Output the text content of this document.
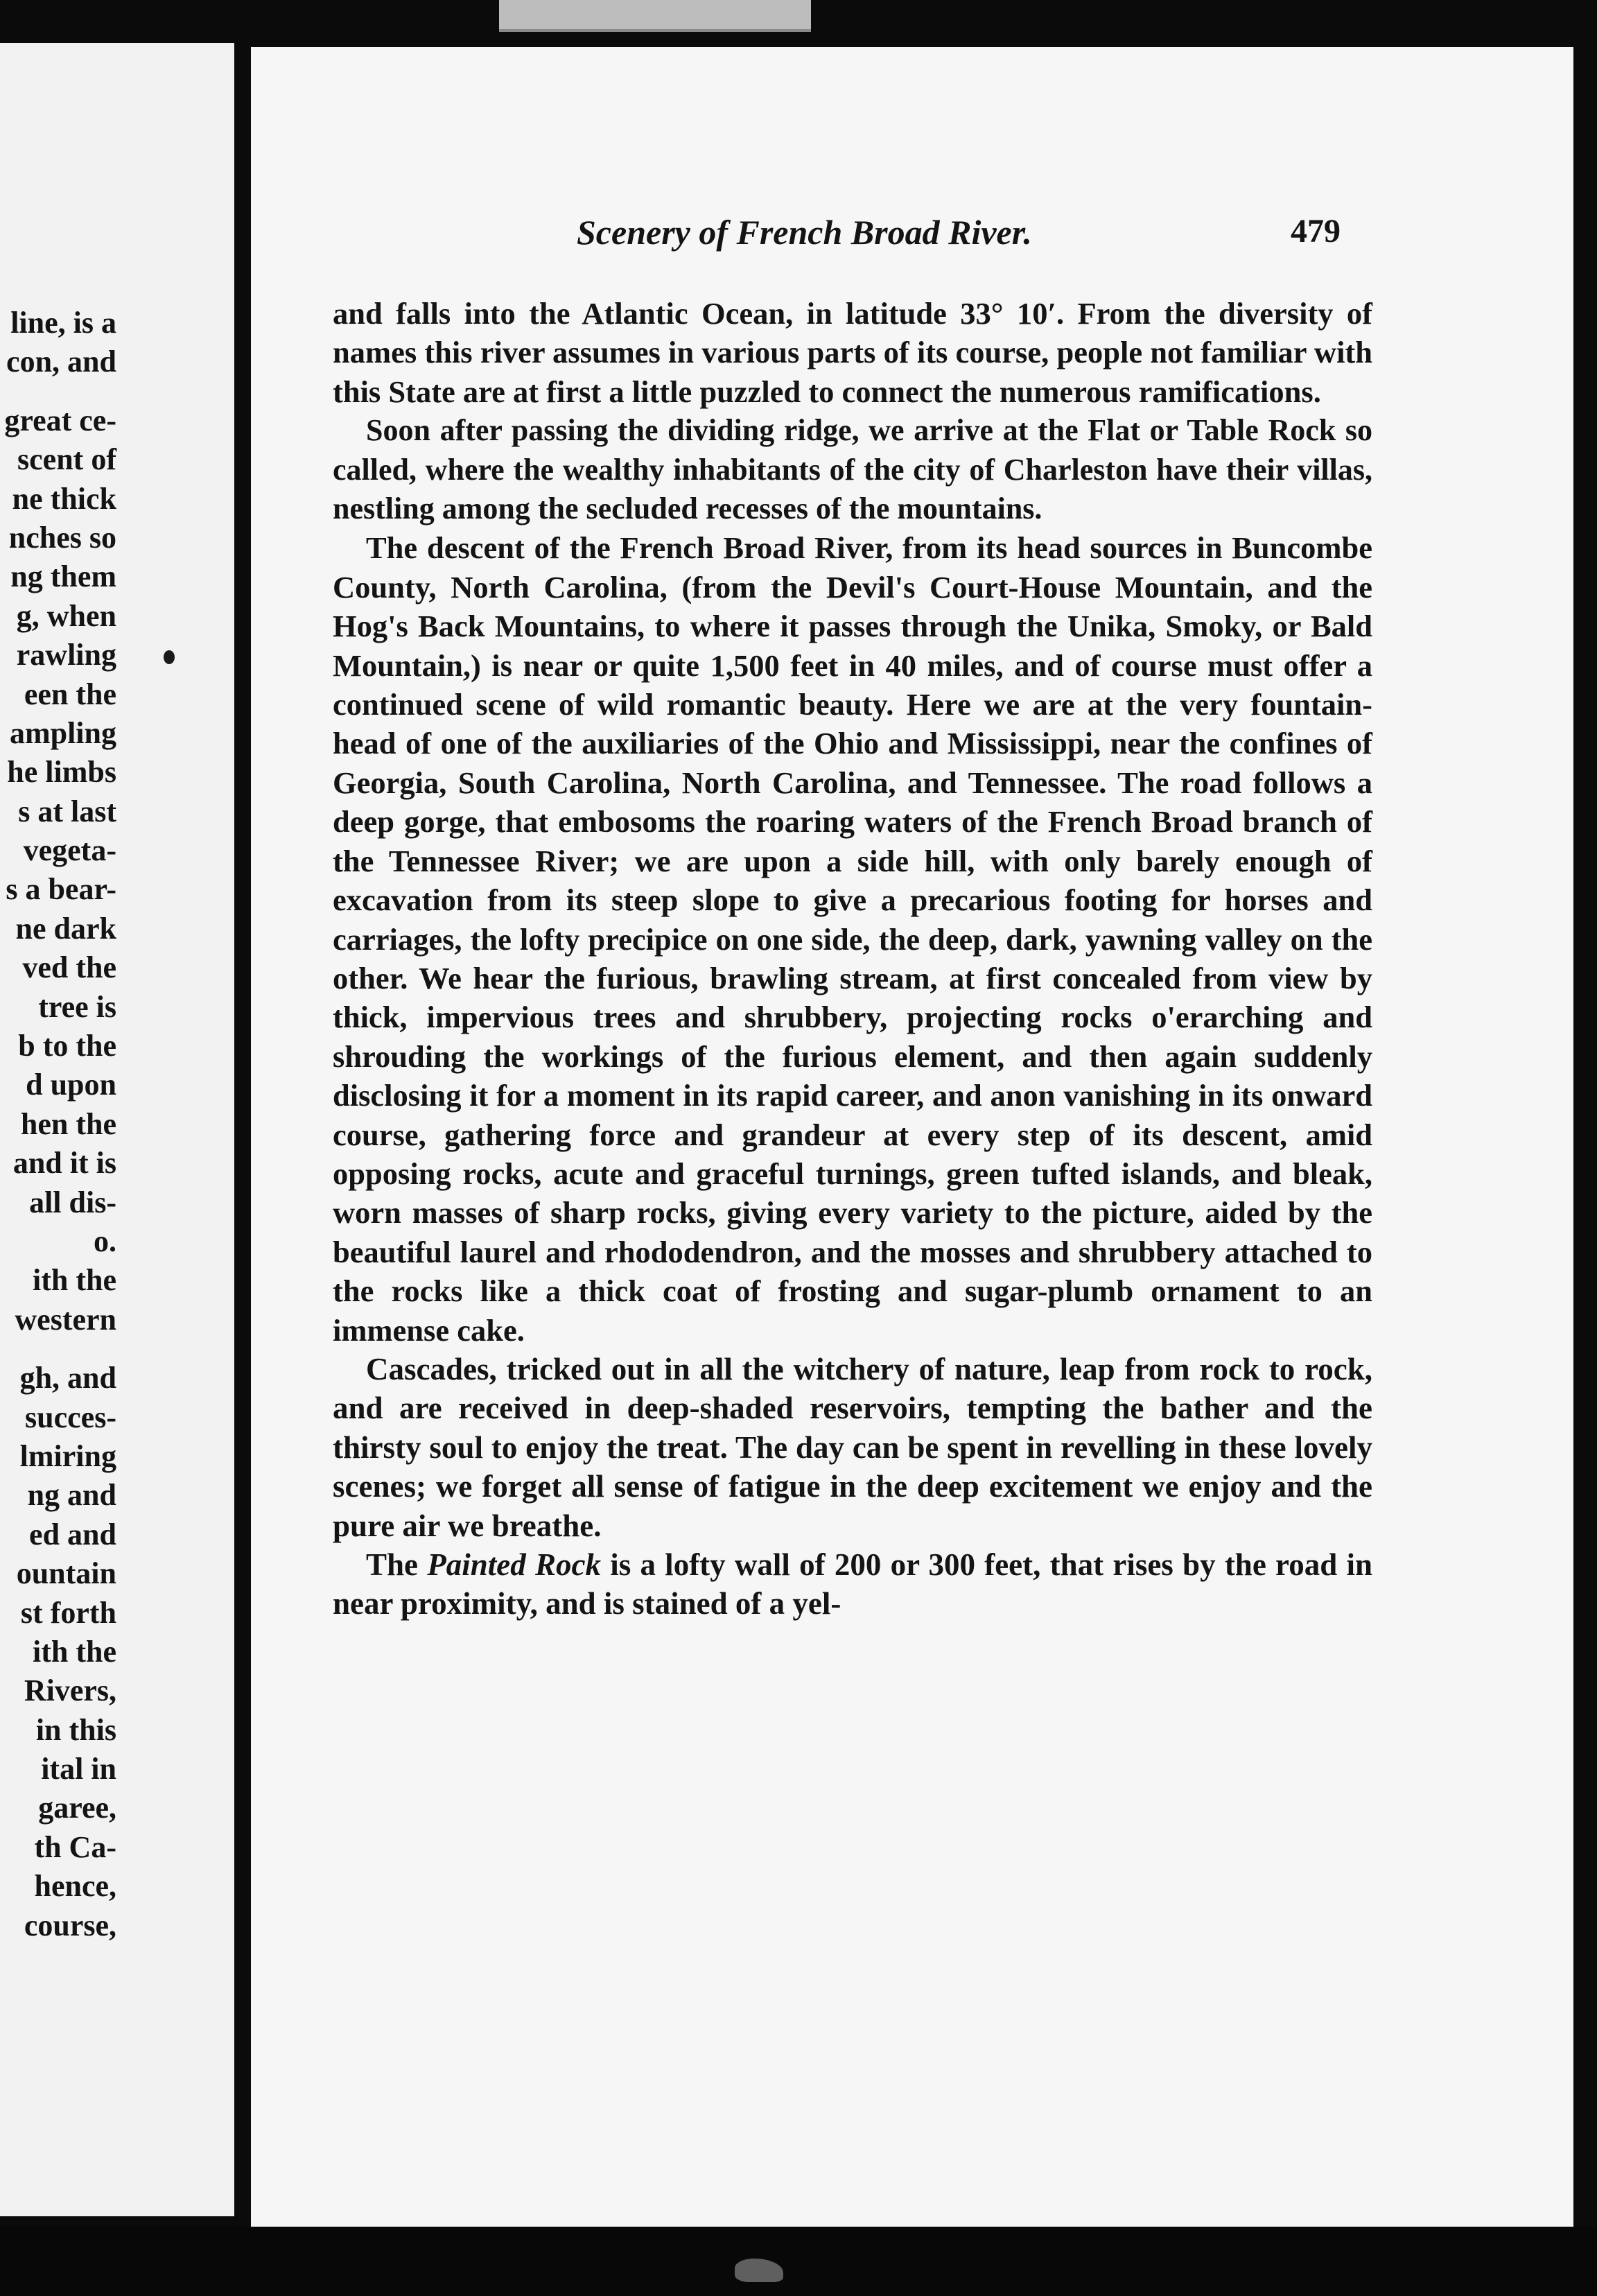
line, is a
con, and
great ce-
scent of
ne thick
nches so
ng them
g, when
rawling
een the
ampling
he limbs
s at last
vegeta-
s a bear-
ne dark
ved the
tree is
b to the
d upon
hen the
and it is
all dis-
o.
ith the
western
gh, and
succes-
lmiring
ng and
ed and
ountain
st forth
ith the
Rivers,
in this
ital in
garee,
th Ca-
hence,
course,
Scenery of French Broad River.	479

and falls into the Atlantic Ocean, in latitude 33° 10′. From the diversity of names this river assumes in various parts of its course, people not familiar with this State are at first a little puzzled to connect the numerous ramifications.

Soon after passing the dividing ridge, we arrive at the Flat or Table Rock so called, where the wealthy inhabitants of the city of Charleston have their villas, nestling among the secluded recesses of the mountains.

The descent of the French Broad River, from its head sources in Buncombe County, North Carolina, (from the Devil's Court-House Mountain, and the Hog's Back Mountains, to where it passes through the Unika, Smoky, or Bald Mountain,) is near or quite 1,500 feet in 40 miles, and of course must offer a continued scene of wild romantic beauty. Here we are at the very fountain-head of one of the auxiliaries of the Ohio and Mississippi, near the confines of Georgia, South Carolina, North Carolina, and Tennessee. The road follows a deep gorge, that embosoms the roaring waters of the French Broad branch of the Tennessee River; we are upon a side hill, with only barely enough of excavation from its steep slope to give a precarious footing for horses and carriages, the lofty precipice on one side, the deep, dark, yawning valley on the other. We hear the furious, brawling stream, at first concealed from view by thick, impervious trees and shrubbery, projecting rocks o'erarching and shrouding the workings of the furious element, and then again suddenly disclosing it for a moment in its rapid career, and anon vanishing in its onward course, gathering force and grandeur at every step of its descent, amid opposing rocks, acute and graceful turnings, green tufted islands, and bleak, worn masses of sharp rocks, giving every variety to the picture, aided by the beautiful laurel and rhododendron, and the mosses and shrubbery attached to the rocks like a thick coat of frosting and sugar-plumb ornament to an immense cake.

Cascades, tricked out in all the witchery of nature, leap from rock to rock, and are received in deep-shaded reservoirs, tempting the bather and the thirsty soul to enjoy the treat. The day can be spent in revelling in these lovely scenes; we forget all sense of fatigue in the deep excitement we enjoy and the pure air we breathe.

The Painted Rock is a lofty wall of 200 or 300 feet, that rises by the road in near proximity, and is stained of a yel-
